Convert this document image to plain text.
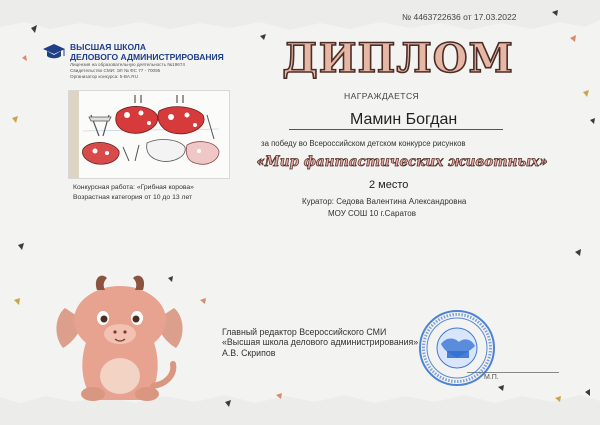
№ 4463722636 от 17.03.2022
ВЫСШАЯ ШКОЛА
ДЕЛОВОГО АДМИНИСТРИРОВАНИЯ
Лицензия на образовательную деятельность №19674
Свидетельство СМИ: ЭЛ № ФС 77 - 70095
Организатор конкурса: 5-BA.RU
Конкурсная работа: «Грибная корова»
Возрастная категория от 10 до 13 лет
ДИПЛОМ
НАГРАЖДАЕТСЯ
Мамин Богдан
за победу во Всероссийском детском конкурсе рисунков
«Мир фантастических животных»
2 место
Куратор: Седова Валентина Александровна
МОУ СОШ 10 г.Саратов
Главный редактор Всероссийского СМИ
«Высшая школа делового администрирования»
А.В. Скрипов
М.П.
